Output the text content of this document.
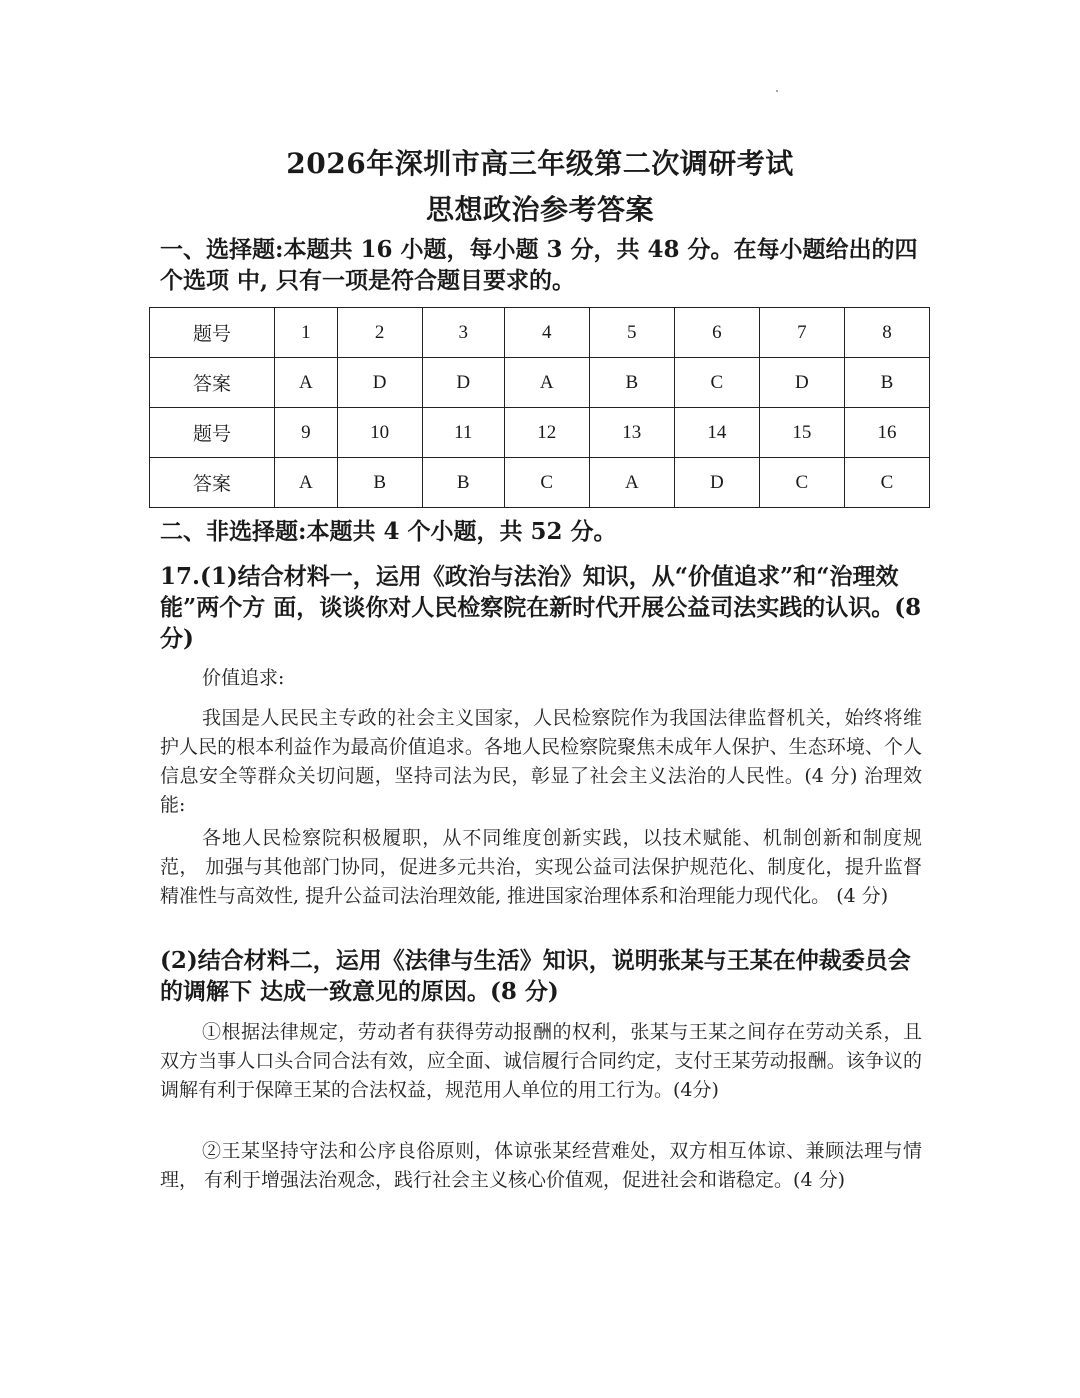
2026年深圳市高三年级第二次调研考试
思想政治参考答案
一、选择题:本题共 16 小题，每小题 3 分，共 48 分。在每小题给出的四个选项 中, 只有一项是符合题目要求的。
题号	1	2	3	4	5	6	7	8
答案	A	D	D	A	B	C	D	B
题号	9	10	11	12	13	14	15	16
答案	A	B	B	C	A	D	C	C
二、非选择题:本题共 4 个小题，共 52 分。
17.(1)结合材料一，运用《政治与法治》知识，从“价值追求”和“治理效能”两个方 面，谈谈你对人民检察院在新时代开展公益司法实践的认识。(8 分)
价值追求:
我国是人民民主专政的社会主义国家，人民检察院作为我国法律监督机关，始终将维护人民的根本利益作为最高价值追求。各地人民检察院聚焦未成年人保护、生态环境、个人信息安全等群众关切问题，坚持司法为民，彰显了社会主义法治的人民性。(4 分) 治理效能:
各地人民检察院积极履职，从不同维度创新实践，以技术赋能、机制创新和制度规范， 加强与其他部门协同，促进多元共治，实现公益司法保护规范化、制度化，提升监督精准性与高效性, 提升公益司法治理效能, 推进国家治理体系和治理能力现代化。 (4 分)
(2)结合材料二，运用《法律与生活》知识，说明张某与王某在仲裁委员会的调解下 达成一致意见的原因。(8 分)
①根据法律规定，劳动者有获得劳动报酬的权利，张某与王某之间存在劳动关系，且双方当事人口头合同合法有效，应全面、诚信履行合同约定，支付王某劳动报酬。该争议的调解有利于保障王某的合法权益，规范用人单位的用工行为。(4分)
②王某坚持守法和公序良俗原则，体谅张某经营难处，双方相互体谅、兼顾法理与情理， 有利于增强法治观念，践行社会主义核心价值观，促进社会和谐稳定。(4 分)
